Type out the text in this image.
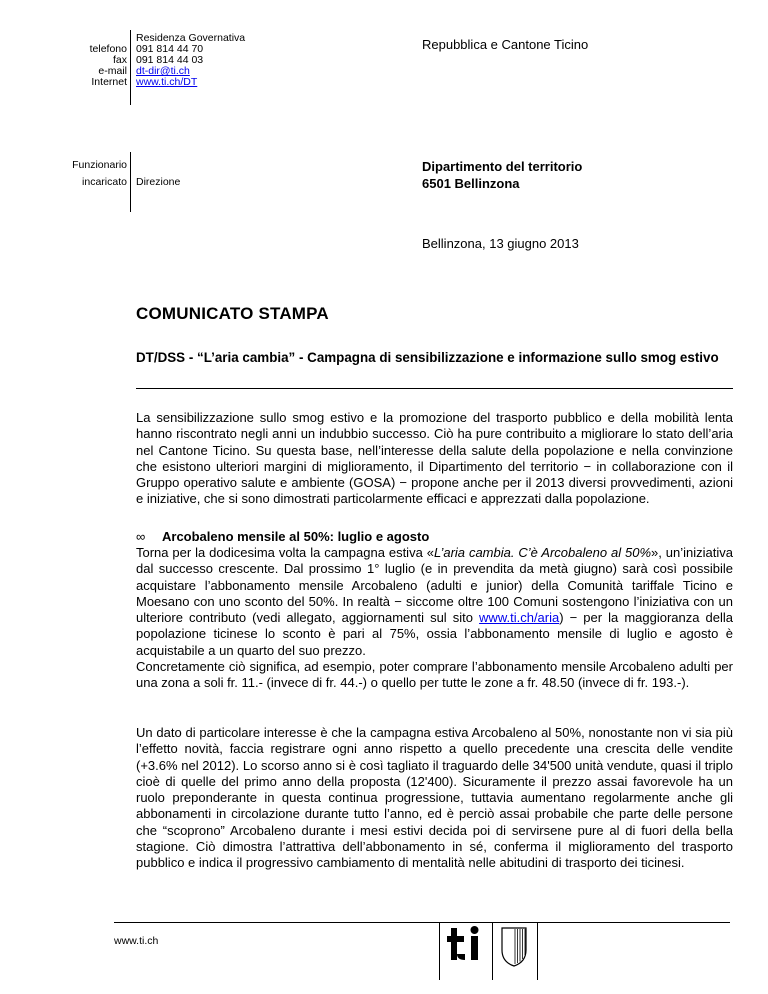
telefono
fax
e-mail
Internet
Residenza Governativa
091 814 44 70
091 814 44 03
dt-dir@ti.ch
www.ti.ch/DT
Repubblica e Cantone Ticino
Funzionario
incaricato Direzione
Dipartimento del territorio
6501 Bellinzona
Bellinzona, 13 giugno 2013
COMUNICATO STAMPA
DT/DSS - “L’aria cambia” - Campagna di sensibilizzazione e informazione sullo smog estivo
La sensibilizzazione sullo smog estivo e la promozione del trasporto pubblico e della mobilità lenta hanno riscontrato negli anni un indubbio successo. Ciò ha pure contribuito a migliorare lo stato dell’aria nel Cantone Ticino. Su questa base, nell’interesse della salute della popolazione e nella convinzione che esistono ulteriori margini di miglioramento, il Dipartimento del territorio − in collaborazione con il Gruppo operativo salute e ambiente (GOSA) − propone anche per il 2013 diversi provvedimenti, azioni e iniziative, che si sono dimostrati particolarmente efficaci e apprezzati dalla popolazione.
∞ Arcobaleno mensile al 50%: luglio e agosto
Torna per la dodicesima volta la campagna estiva «L’aria cambia. C’è Arcobaleno al 50%», un’iniziativa dal successo crescente. Dal prossimo 1° luglio (e in prevendita da metà giugno) sarà così possibile acquistare l’abbonamento mensile Arcobaleno (adulti e junior) della Comunità tariffale Ticino e Moesano con uno sconto del 50%. In realtà − siccome oltre 100 Comuni sostengono l’iniziativa con un ulteriore contributo (vedi allegato, aggiornamenti sul sito www.ti.ch/aria) − per la maggioranza della popolazione ticinese lo sconto è pari al 75%, ossia l’abbonamento mensile di luglio e agosto è acquistabile a un quarto del suo prezzo.
Concretamente ciò significa, ad esempio, poter comprare l’abbonamento mensile Arcobaleno adulti per una zona a soli fr. 11.- (invece di fr. 44.-) o quello per tutte le zone a fr. 48.50 (invece di fr. 193.-).
Un dato di particolare interesse è che la campagna estiva Arcobaleno al 50%, nonostante non vi sia più l’effetto novità, faccia registrare ogni anno rispetto a quello precedente una crescita delle vendite (+3.6% nel 2012). Lo scorso anno si è così tagliato il traguardo delle 34'500 unità vendute, quasi il triplo cioè di quelle del primo anno della proposta (12'400). Sicuramente il prezzo assai favorevole ha un ruolo preponderante in questa continua progressione, tuttavia aumentano regolarmente anche gli abbonamenti in circolazione durante tutto l’anno, ed è perciò assai probabile che parte delle persone che “scoprono” Arcobaleno durante i mesi estivi decida poi di servirsene pure al di fuori della bella stagione. Ciò dimostra l’attrattiva dell’abbonamento in sé, conferma il miglioramento del trasporto pubblico e indica il progressivo cambiamento di mentalità nelle abitudini di trasporto dei ticinesi.
www.ti.ch
